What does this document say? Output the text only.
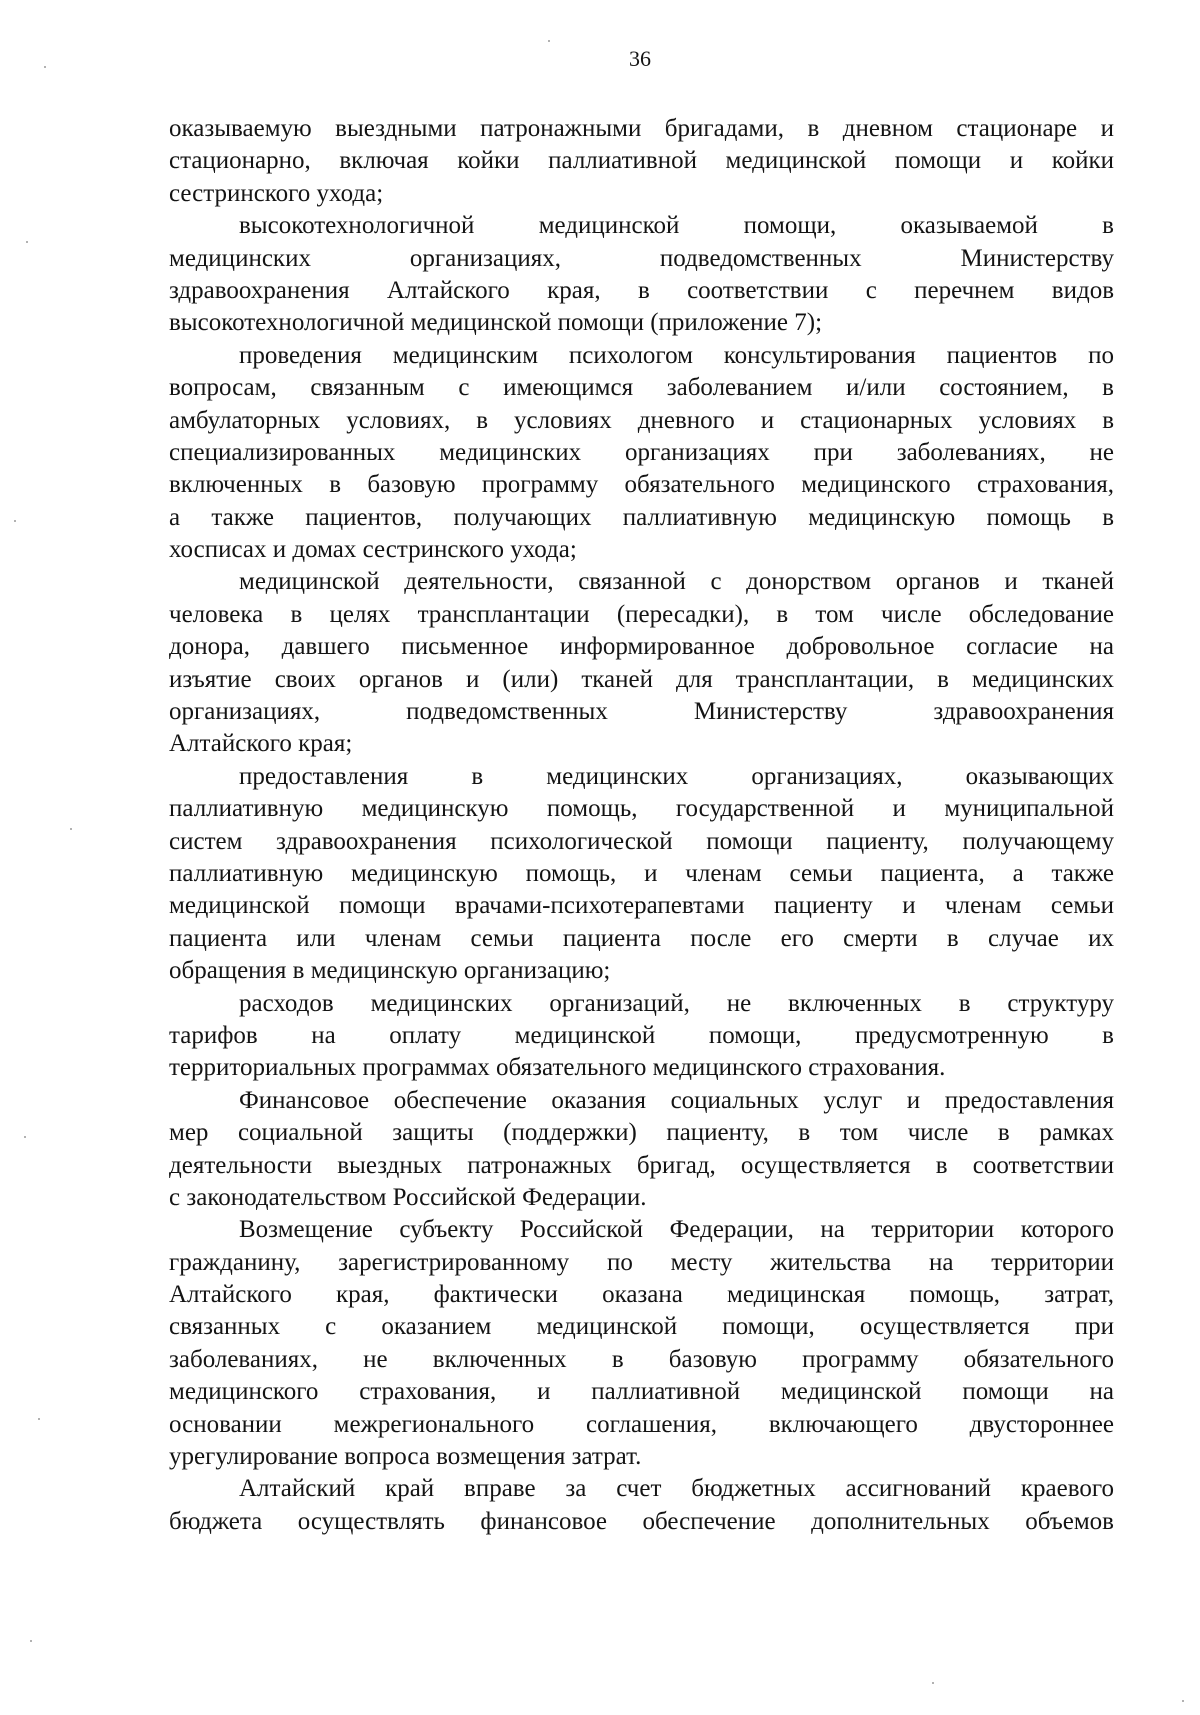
36

оказываемую выездными патронажными бригадами, в дневном стационаре и
стационарно, включая койки паллиативной медицинской помощи и койки
сестринского ухода;

высокотехнологичной медицинской помощи, оказываемой в
медицинских организациях, подведомственных Министерству
здравоохранения Алтайского края, в соответствии с перечнем видов
высокотехнологичной медицинской помощи (приложение 7);

проведения медицинским психологом консультирования пациентов по
вопросам, связанным с имеющимся заболеванием и/или состоянием, в
амбулаторных условиях, в условиях дневного и стационарных условиях в
специализированных медицинских организациях при заболеваниях, не
включенных в базовую программу обязательного медицинского страхования,
а также пациентов, получающих паллиативную медицинскую помощь в
хосписах и домах сестринского ухода;

медицинской деятельности, связанной с донорством органов и тканей
человека в целях трансплантации (пересадки), в том числе обследование
донора, давшего письменное информированное добровольное согласие на
изъятие своих органов и (или) тканей для трансплантации, в медицинских
организациях, подведомственных Министерству здравоохранения
Алтайского края;

предоставления в медицинских организациях, оказывающих
паллиативную медицинскую помощь, государственной и муниципальной
систем здравоохранения психологической помощи пациенту, получающему
паллиативную медицинскую помощь, и членам семьи пациента, а также
медицинской помощи врачами-психотерапевтами пациенту и членам семьи
пациента или членам семьи пациента после его смерти в случае их
обращения в медицинскую организацию;

расходов медицинских организаций, не включенных в структуру
тарифов на оплату медицинской помощи, предусмотренную в
территориальных программах обязательного медицинского страхования.

Финансовое обеспечение оказания социальных услуг и предоставления
мер социальной защиты (поддержки) пациенту, в том числе в рамках
деятельности выездных патронажных бригад, осуществляется в соответствии
с законодательством Российской Федерации.

Возмещение субъекту Российской Федерации, на территории которого
гражданину, зарегистрированному по месту жительства на территории
Алтайского края, фактически оказана медицинская помощь, затрат,
связанных с оказанием медицинской помощи, осуществляется при
заболеваниях, не включенных в базовую программу обязательного
медицинского страхования, и паллиативной медицинской помощи на
основании межрегионального соглашения, включающего двустороннее
урегулирование вопроса возмещения затрат.

Алтайский край вправе за счет бюджетных ассигнований краевого
бюджета осуществлять финансовое обеспечение дополнительных объемов
